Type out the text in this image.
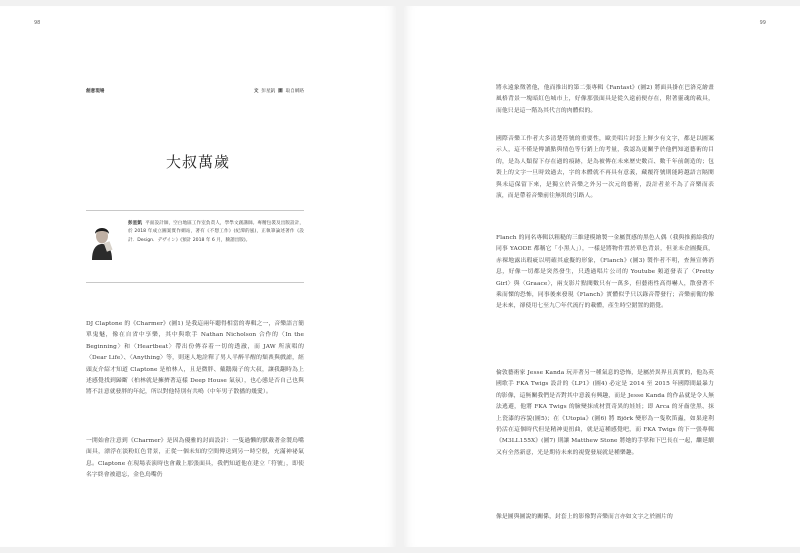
98
創意現場	文 彭星凱 圖 取自網路
大叔萬歲
彭星凱 平面設計師，空白地區工作室負責人，學學文創講師。專精包裝及出版設計，於 2018 年成立圖案實作網站，著有《不想工作》(紀潭的風)，正執筆論述著作《設計．Design．デザイン》(預計 2018 年 6 月，臉譜出版)。

DJ Claptone 的《Charmer》(圖1) 是我這兩年聽得相當的專輯之一，音樂語言簡單鬼魅，像在自省中享樂，其中與歌手 Nathan Nicholson 合作的〈In the Beginning〉和〈Heartbeat〉帶出份傳吞着一切的透澈，而 JAW 所演唱的〈Dear Life〉、〈Anything〉等，則迷人地詮釋了男人半醉半醒的頹喪與戲謔，經頭友介紹才知道 Claptone 是柏林人，且是微胖、戴鵝鬍子的大叔，讓我翻時為上述感覺找到歸斷（柏林就是擁擠著這樣 Deep House 氣氛），也心態是否自己也與將不註意就發胖的年紀，所以對他特別有共鳴（中年男子散播的幾愛）。

一開始會注意到《Charmer》是因為優雅的封面設計：一隻過懶的獸戴著金製鳥嘴面具，漂浮在淡粉紅色背景，正從一個未知的空間傳送到另一時空般，充滿神祕氣息。Claptone 在現場表演時也會戴上那張面具，我們知道他在建立「符號」，即使名字終會被遺忘，金色鳥嘴仍

99

將永遠象徵著他，他而推出的第二張專輯《Fantast》(圖2) 將面具掛在巴洛克繪畫風格背景一塊暗紅色城市上，好像那張面具是從久遠前便存在，附著靈魂的載具，而他只是這一階為其代言的肉體似的。

國際音樂工作者大多清楚符號的重要性，歐美唱片封套上鮮少有文字，都是以圖案示人，這不僅是傳讀點與情色等行銷上的考量，我認為更關乎於他們知道藝術的目的，是為人類留下存在過的痕跡，是為被傳在未來歷史數百、數千年前創造的；包裝上的文字一旦時效過去，字的本體就不再具有意義，藏覆符號則能跨越語言隔閡與未這保留下來，是獨立於音樂之外另一次元的藝術，設計者並不為了音樂而表演，而是帶着音樂前往無垠的引路人。

Flanch 的同名專輯以粗糙的三維建模繪製一金屬質感的黑色人偶（我與推薦給我的同事 YAODE 都稱它「小黑人」），一樣是將物件置於單色背景，但並未企圖擬真，赤裸地露出瑕疵以明確其虛擬的形象，《Flanch》(圖3) 製作者不明，查無宣傳消息，好像一切都是突然發生，只透過唱片公司的 Youtube 頻道發表了〈Pretty Girl〉與〈Graace〉，兩支影片點閱數只有一萬多，但藝術性高得嚇人，散發著不乘而慄的恐怖，同事後來發現《Flanch》實體似乎只以錄音帶發行；音樂前衛的像是未來，卻使用七至九〇年代流行的載體，產生時空錯置的錯覺。

倫敦藝術家 Jesse Kanda 玩弄著另一種氣息的恐怖，是屬於異界且真實的，他為英國歌手 FKA Twigs 設計的《LP1》(圖4) 必定是 2014 至 2015 年國際間最暴力的影像，這無關我們是否對其中意義有興趣，而是 Jesse Kanda 的作品就是令人無法逃避，他將 FKA Twigs 的臉變抹成材質奇異的娃娃；即 Arca 的牙齒塗黑、抹上瓷漆的容貌(圖5)；在《Utopia》(圖6) 將 Björk 變形為一隻吹笛蟲，如果達利仍活在這個時代但是精神更扭曲，就是這種感覺吧，而 FKA Twigs 的下一張專輯《M3LL155X》(圖7) 則讓 Matthew Stone 將她的手掌和下巴長在一起，繼延續又有全然新意，光是期待未來的視覺發展就是種樂趣。

像是圖與圖說的關係，封套上的影像對音樂而言亦如文字之於圖片的
